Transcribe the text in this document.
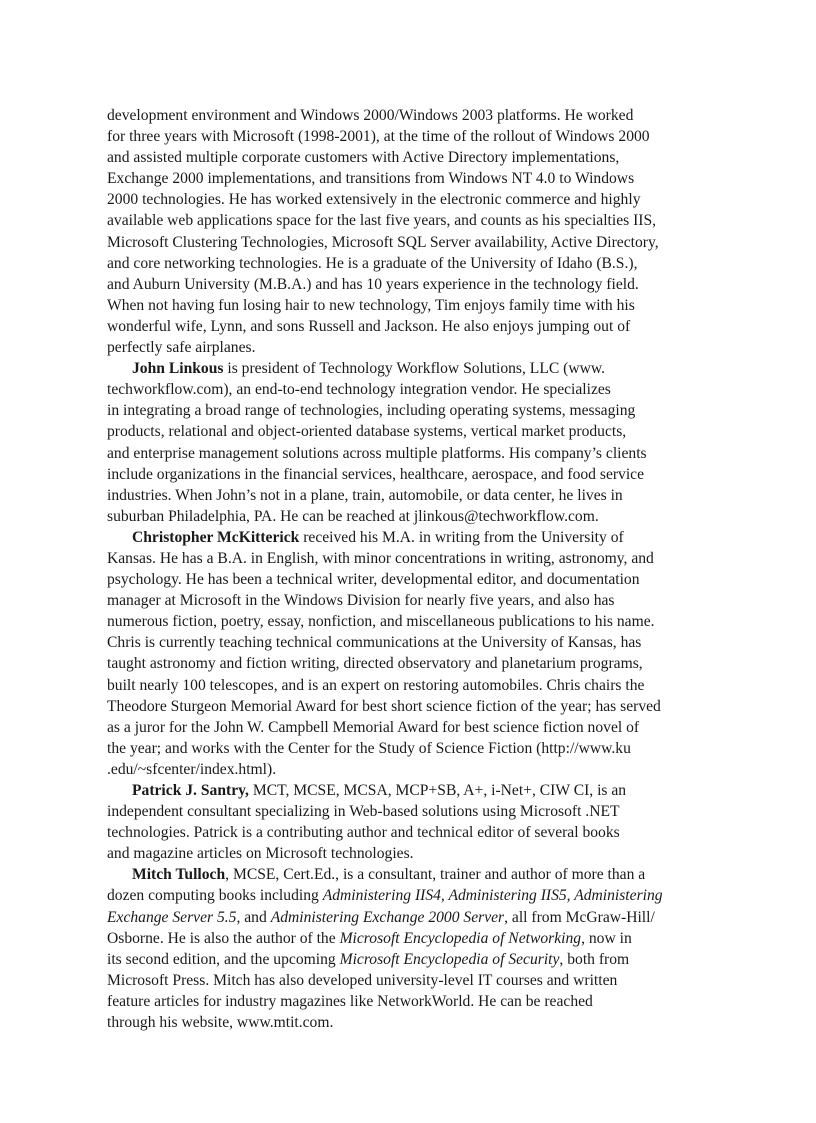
development environment and Windows 2000/Windows 2003 platforms. He worked
for three years with Microsoft (1998-2001), at the time of the rollout of Windows 2000
and assisted multiple corporate customers with Active Directory implementations,
Exchange 2000 implementations, and transitions from Windows NT 4.0 to Windows
2000 technologies. He has worked extensively in the electronic commerce and highly
available web applications space for the last five years, and counts as his specialties IIS,
Microsoft Clustering Technologies, Microsoft SQL Server availability, Active Directory,
and core networking technologies. He is a graduate of the University of Idaho (B.S.),
and Auburn University (M.B.A.) and has 10 years experience in the technology field.
When not having fun losing hair to new technology, Tim enjoys family time with his
wonderful wife, Lynn, and sons Russell and Jackson. He also enjoys jumping out of
perfectly safe airplanes.

John Linkous is president of Technology Workflow Solutions, LLC (www.
techworkflow.com), an end-to-end technology integration vendor. He specializes
in integrating a broad range of technologies, including operating systems, messaging
products, relational and object-oriented database systems, vertical market products,
and enterprise management solutions across multiple platforms. His company’s clients
include organizations in the financial services, healthcare, aerospace, and food service
industries. When John’s not in a plane, train, automobile, or data center, he lives in
suburban Philadelphia, PA. He can be reached at jlinkous@techworkflow.com.

Christopher McKitterick received his M.A. in writing from the University of
Kansas. He has a B.A. in English, with minor concentrations in writing, astronomy, and
psychology. He has been a technical writer, developmental editor, and documentation
manager at Microsoft in the Windows Division for nearly five years, and also has
numerous fiction, poetry, essay, nonfiction, and miscellaneous publications to his name.
Chris is currently teaching technical communications at the University of Kansas, has
taught astronomy and fiction writing, directed observatory and planetarium programs,
built nearly 100 telescopes, and is an expert on restoring automobiles. Chris chairs the
Theodore Sturgeon Memorial Award for best short science fiction of the year; has served
as a juror for the John W. Campbell Memorial Award for best science fiction novel of
the year; and works with the Center for the Study of Science Fiction (http://www.ku
.edu/~sfcenter/index.html).

Patrick J. Santry, MCT, MCSE, MCSA, MCP+SB, A+, i-Net+, CIW CI, is an
independent consultant specializing in Web-based solutions using Microsoft .NET
technologies. Patrick is a contributing author and technical editor of several books
and magazine articles on Microsoft technologies.

Mitch Tulloch, MCSE, Cert.Ed., is a consultant, trainer and author of more than a
dozen computing books including Administering IIS4, Administering IIS5, Administering
Exchange Server 5.5, and Administering Exchange 2000 Server, all from McGraw-Hill/
Osborne. He is also the author of the Microsoft Encyclopedia of Networking, now in
its second edition, and the upcoming Microsoft Encyclopedia of Security, both from
Microsoft Press. Mitch has also developed university-level IT courses and written
feature articles for industry magazines like NetworkWorld. He can be reached
through his website, www.mtit.com.
